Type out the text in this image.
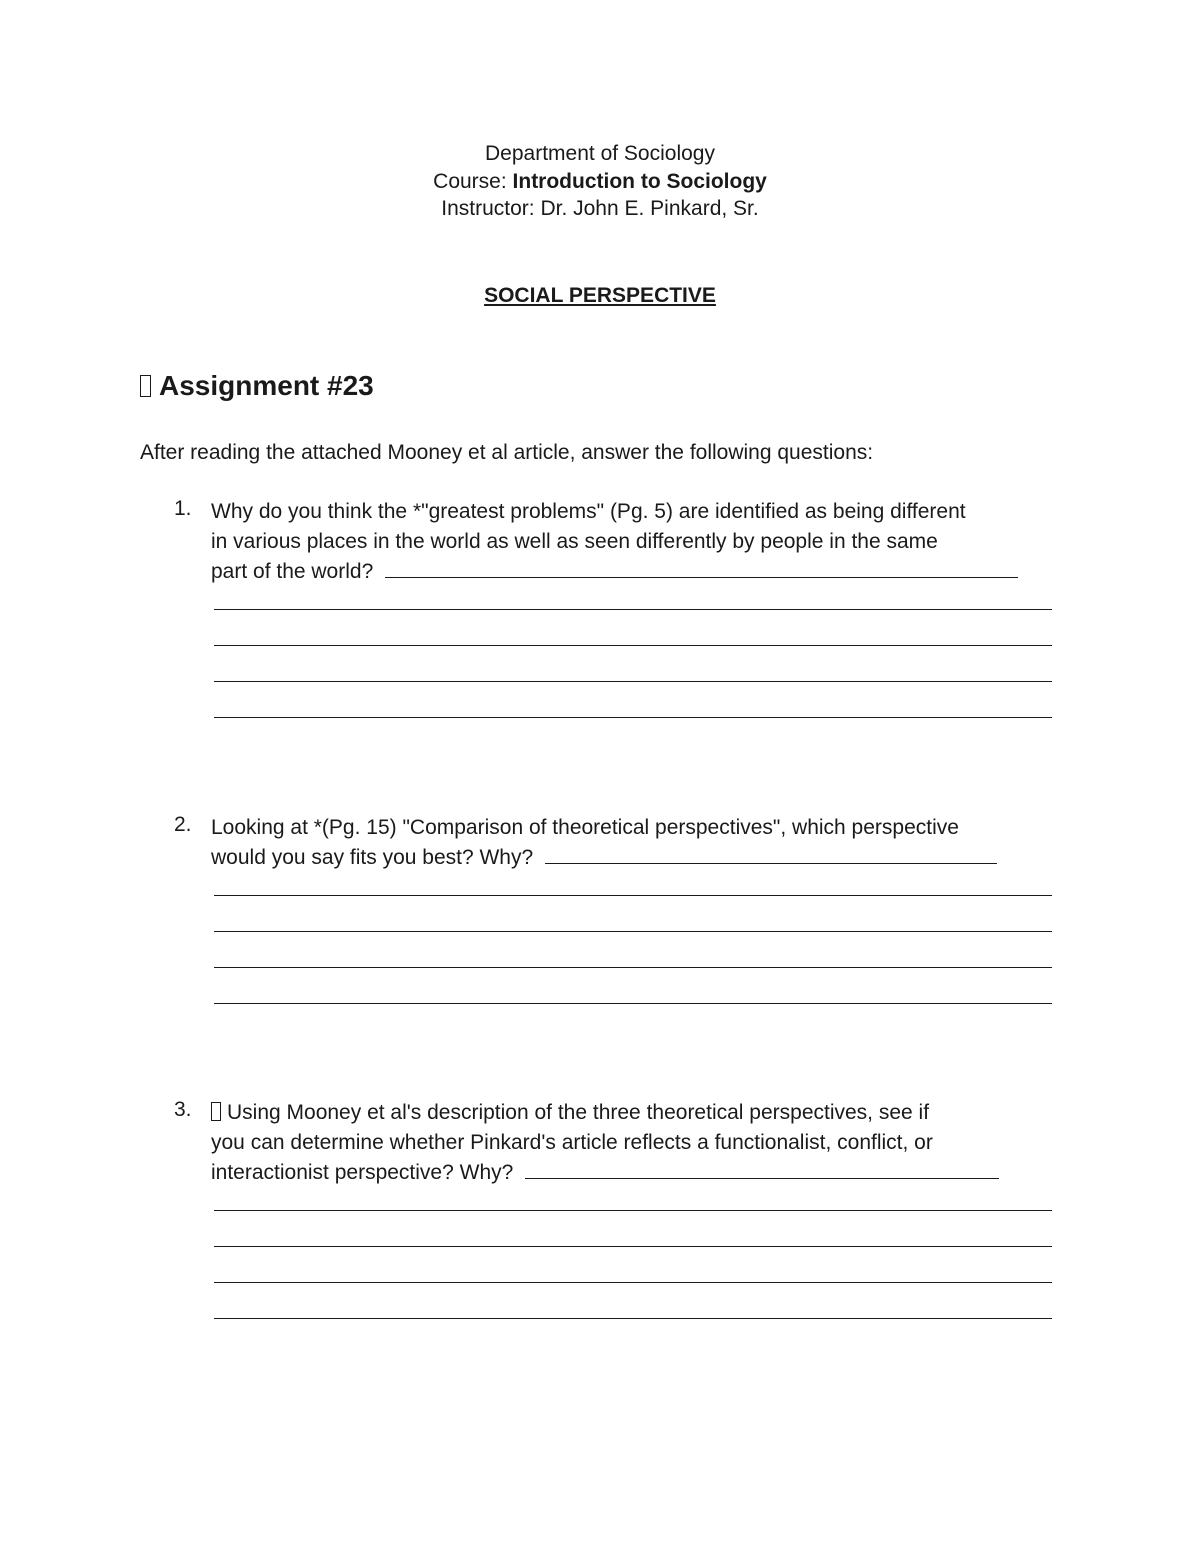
Department of Sociology
Course: Introduction to Sociology
Instructor: Dr. John E. Pinkard, Sr.
SOCIAL PERSPECTIVE
Assignment #23
After reading the attached Mooney et al article, answer the following questions:
1. Why do you think the *"greatest problems" (Pg. 5) are identified as being different
in various places in the world as well as seen differently by people in the same
part of the world?
2. Looking at *(Pg. 15) "Comparison of theoretical perspectives", which perspective
would you say fits you best? Why?
3.	Using Mooney et al's description of the three theoretical perspectives, see if
you can determine whether Pinkard's article reflects a functionalist, conflict, or
interactionist perspective? Why?
